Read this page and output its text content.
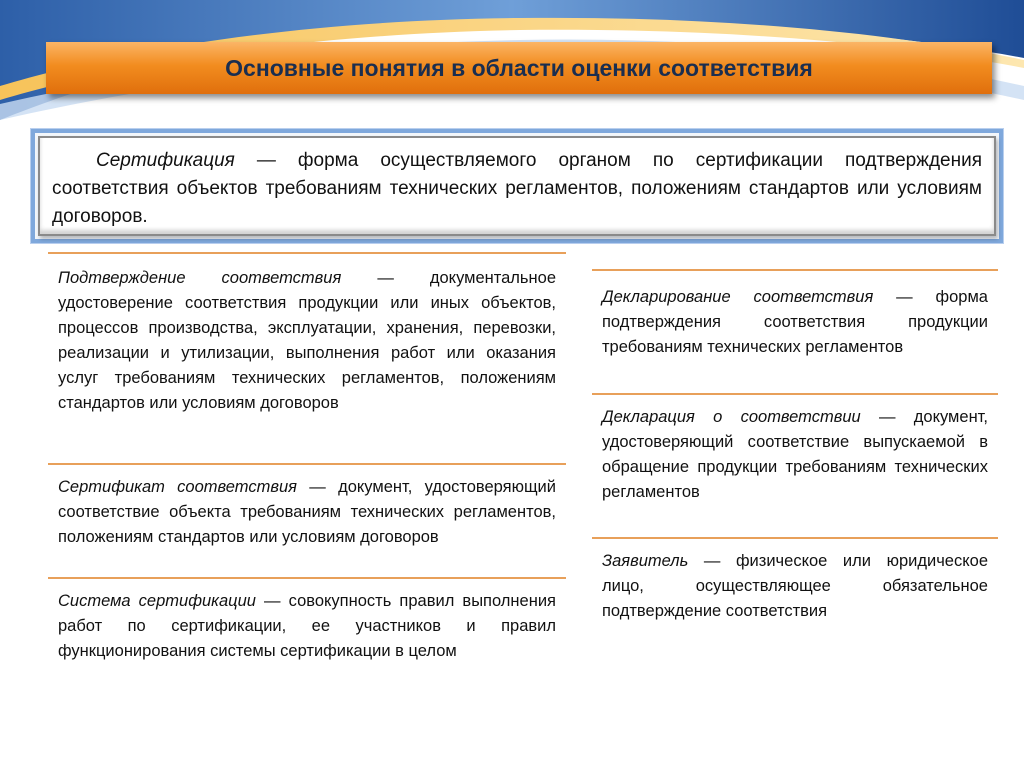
Основные понятия в области оценки соответствия
Сертификация — форма осуществляемого органом по сертификации подтверждения соответствия объектов требованиям технических регламентов, положениям стандартов или условиям договоров.
Подтверждение соответствия — документальное удостоверение соответствия продукции или иных объектов, процессов производства, эксплуатации, хранения, перевозки, реализации и утилизации, выполнения работ или оказания услуг требованиям технических регламентов, положениям стандартов или условиям договоров
Сертификат соответствия — документ, удостоверяющий соответствие объекта требованиям технических регламентов, положениям стандартов или условиям договоров
Система сертификации — совокупность правил выполнения работ по сертификации, ее участников и правил функционирования системы сертификации в целом
Декларирование соответствия — форма подтверждения соответствия продукции требованиям технических регламентов
Декларация о соответствии — документ, удостоверяющий соответствие выпускаемой в обращение продукции требованиям технических регламентов
Заявитель — физическое или юридическое лицо, осуществляющее обязательное подтверждение соответствия
